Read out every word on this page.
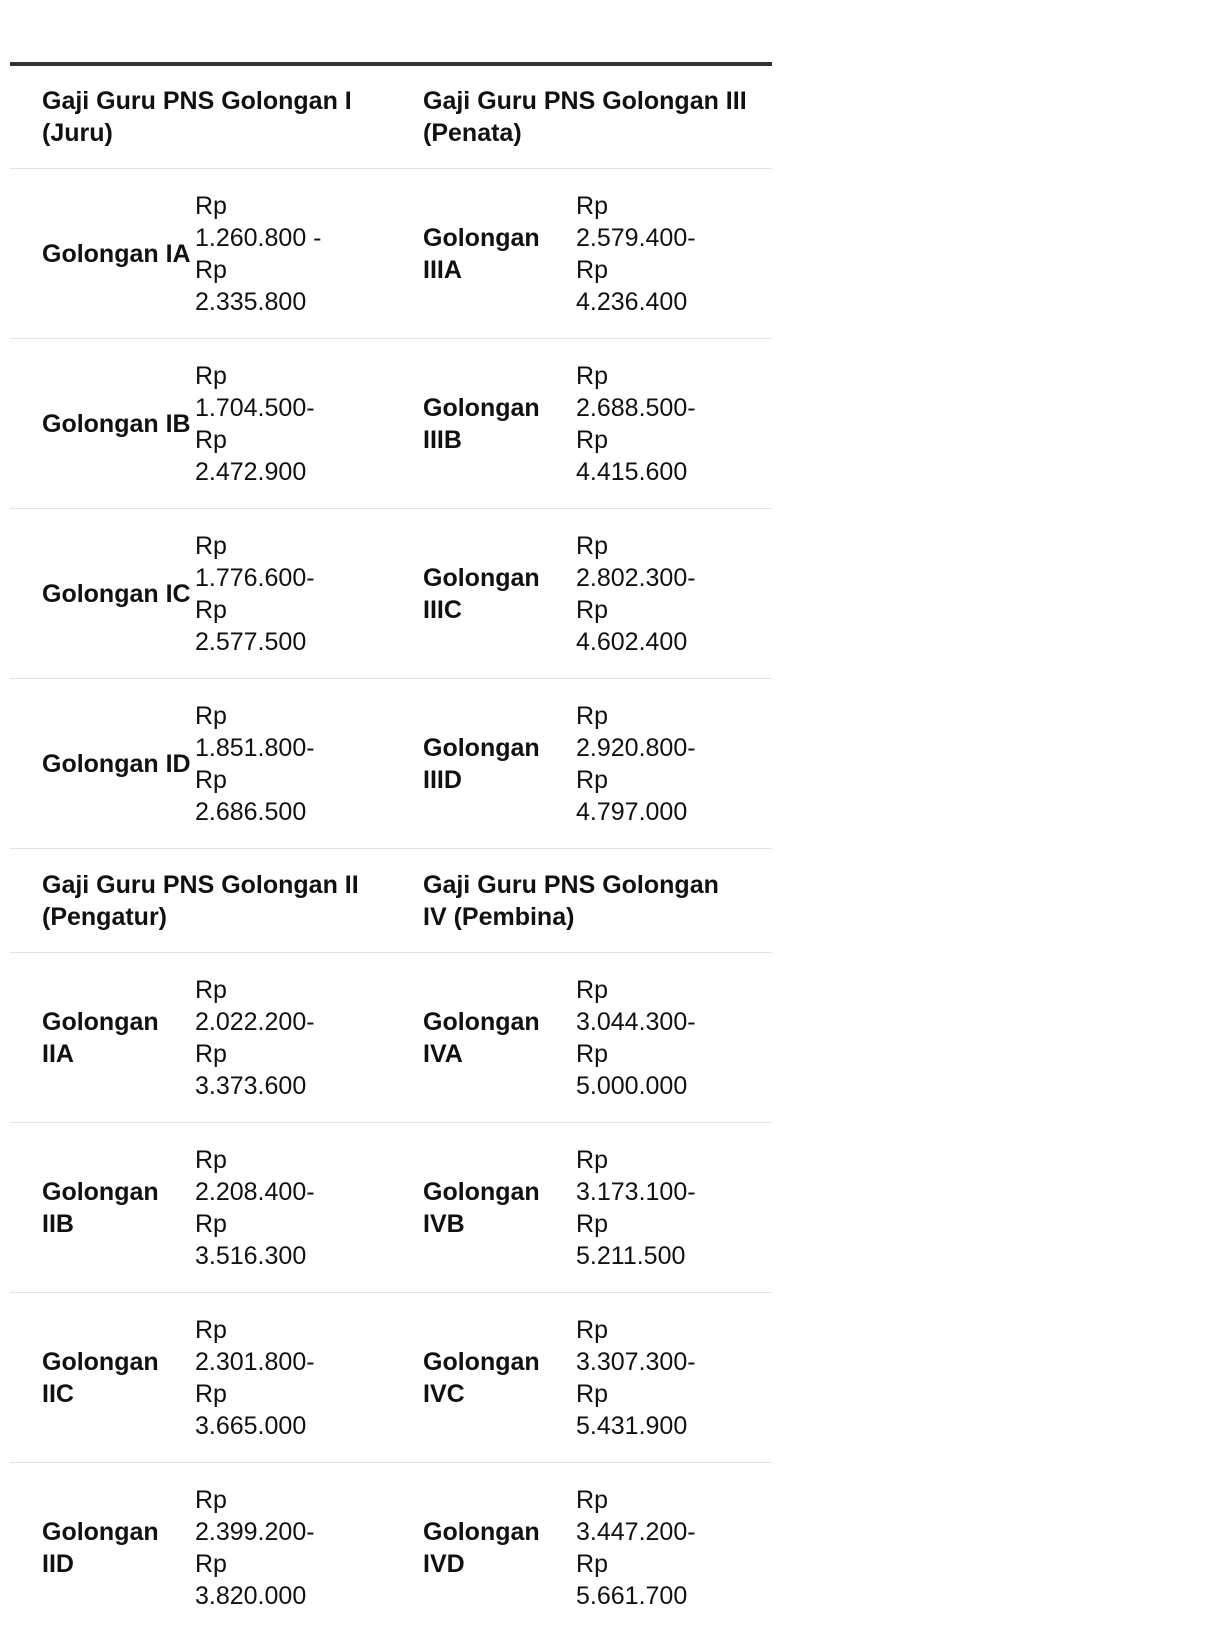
Gaji Guru PNS Golongan I (Juru)		Gaji Guru PNS Golongan III (Penata)	

Golongan IA	Rp 1.260.800 -Rp 2.335.800	Golongan IIIA	Rp 2.579.400-Rp 4.236.400

Golongan IB	Rp 1.704.500-Rp 2.472.900	Golongan IIIB	Rp 2.688.500-Rp 4.415.600

Golongan IC	Rp 1.776.600-Rp 2.577.500	Golongan IIIC	Rp 2.802.300-Rp 4.602.400

Golongan ID	Rp 1.851.800-Rp 2.686.500	Golongan IIID	Rp 2.920.800-Rp 4.797.000

Gaji Guru PNS Golongan II (Pengatur)		Gaji Guru PNS Golongan IV (Pembina)	

Golongan IIA	Rp 2.022.200-Rp 3.373.600	Golongan IVA	Rp 3.044.300-Rp 5.000.000

Golongan IIB	Rp 2.208.400-Rp 3.516.300	Golongan IVB	Rp 3.173.100-Rp 5.211.500

Golongan IIC	Rp 2.301.800-Rp 3.665.000	Golongan IVC	Rp 3.307.300-Rp 5.431.900

Golongan IID	Rp 2.399.200-Rp 3.820.000	Golongan IVD	Rp 3.447.200-Rp 5.661.700
